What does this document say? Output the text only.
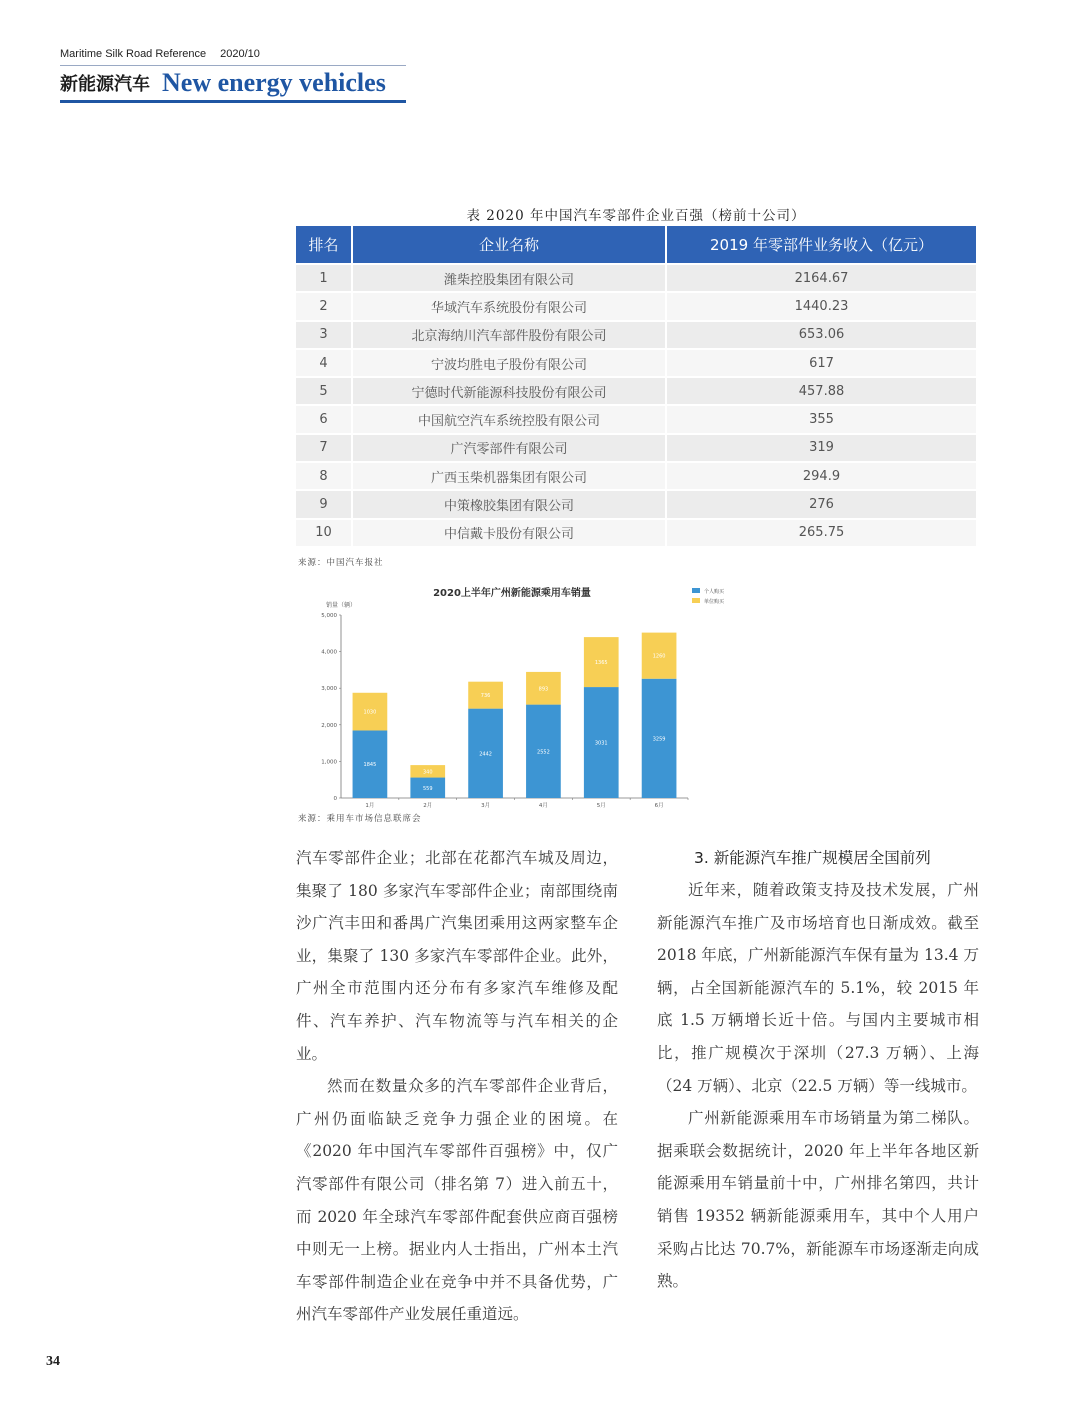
Maritime Silk Road Reference 2020/10
新能源汽车 New energy vehicles
表 2020 年中国汽车零部件企业百强（榜前十公司）
排名	企业名称	2019 年零部件业务收入（亿元）
1	潍柴控股集团有限公司	2164.67
2	华域汽车系统股份有限公司	1440.23
3	北京海纳川汽车部件股份有限公司	653.06
4	宁波均胜电子股份有限公司	617
5	宁德时代新能源科技股份有限公司	457.88
6	中国航空汽车系统控股有限公司	355
7	广汽零部件有限公司	319
8	广西玉柴机器集团有限公司	294.9
9	中策橡胶集团有限公司	276
10	中信戴卡股份有限公司	265.75
来源：中国汽车报社
2020上半年广州新能源乘用车销量
销量（辆）
个人购买
单位购买
0
1,000
2,000
3,000
4,000
5,000
1月	2月	3月	4月	5月	6月
1845
1030
559
340
2442
736
2552
893
3031
1365
3259
1260
来源：乘用车市场信息联席会

汽车零部件企业；北部在花都汽车城及周边，集聚了 180 多家汽车零部件企业；南部围绕南沙广汽丰田和番禺广汽集团乘用这两家整车企业，集聚了 130 多家汽车零部件企业。此外，广州全市范围内还分布有多家汽车维修及配件、汽车养护、汽车物流等与汽车相关的企业。

然而在数量众多的汽车零部件企业背后，广州仍面临缺乏竞争力强企业的困境。在《2020 年中国汽车零部件百强榜》中，仅广汽零部件有限公司（排名第 7）进入前五十，而 2020 年全球汽车零部件配套供应商百强榜中则无一上榜。据业内人士指出，广州本土汽车零部件制造企业在竞争中并不具备优势，广州汽车零部件产业发展任重道远。

3. 新能源汽车推广规模居全国前列

近年来，随着政策支持及技术发展，广州新能源汽车推广及市场培育也日渐成效。截至 2018 年底，广州新能源汽车保有量为 13.4 万辆，占全国新能源汽车的 5.1%，较 2015 年底 1.5 万辆增长近十倍。与国内主要城市相比，推广规模次于深圳（27.3 万辆）、上海（24 万辆）、北京（22.5 万辆）等一线城市。

广州新能源乘用车市场销量为第二梯队。据乘联会数据统计，2020 年上半年各地区新能源乘用车销量前十中，广州排名第四，共计销售 19352 辆新能源乘用车，其中个人用户采购占比达 70.7%，新能源车市场逐渐走向成熟。

34
